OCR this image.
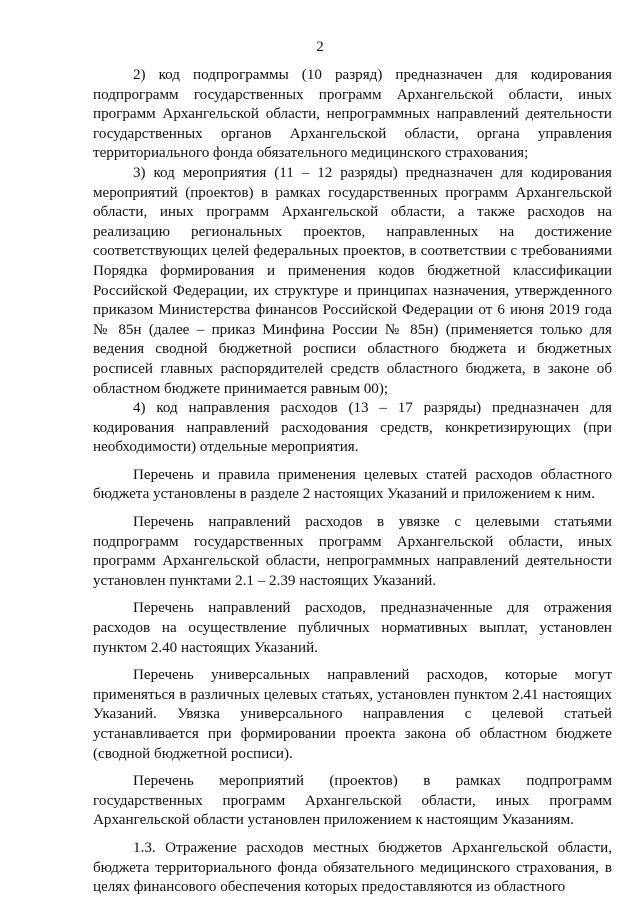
2

2) код подпрограммы (10 разряд) предназначен для кодирования подпрограмм государственных программ Архангельской области, иных программ Архангельской области, непрограммных направлений деятельности государственных органов Архангельской области, органа управления территориального фонда обязательного медицинского страхования;

3) код мероприятия (11 – 12 разряды) предназначен для кодирования мероприятий (проектов) в рамках государственных программ Архангельской области, иных программ Архангельской области, а также расходов на реализацию региональных проектов, направленных на достижение соответствующих целей федеральных проектов, в соответствии с требованиями Порядка формирования и применения кодов бюджетной классификации Российской Федерации, их структуре и принципах назначения, утвержденного приказом Министерства финансов Российской Федерации от 6 июня 2019 года № 85н (далее – приказ Минфина России № 85н) (применяется только для ведения сводной бюджетной росписи областного бюджета и бюджетных росписей главных распорядителей средств областного бюджета, в законе об областном бюджете принимается равным 00);

4) код направления расходов (13 – 17 разряды) предназначен для кодирования направлений расходования средств, конкретизирующих (при необходимости) отдельные мероприятия.

Перечень и правила применения целевых статей расходов областного бюджета установлены в разделе 2 настоящих Указаний и приложением к ним.

Перечень направлений расходов в увязке с целевыми статьями подпрограмм государственных программ Архангельской области, иных программ Архангельской области, непрограммных направлений деятельности установлен пунктами 2.1 – 2.39 настоящих Указаний.

Перечень направлений расходов, предназначенные для отражения расходов на осуществление публичных нормативных выплат, установлен пунктом 2.40 настоящих Указаний.

Перечень универсальных направлений расходов, которые могут применяться в различных целевых статьях, установлен пунктом 2.41 настоящих Указаний. Увязка универсального направления с целевой статьей устанавливается при формировании проекта закона об областном бюджете (сводной бюджетной росписи).

Перечень мероприятий (проектов) в рамках подпрограмм государственных программ Архангельской области, иных программ Архангельской области установлен приложением к настоящим Указаниям.

1.3. Отражение расходов местных бюджетов Архангельской области, бюджета территориального фонда обязательного медицинского страхования, в целях финансового обеспечения которых предоставляются из областного
